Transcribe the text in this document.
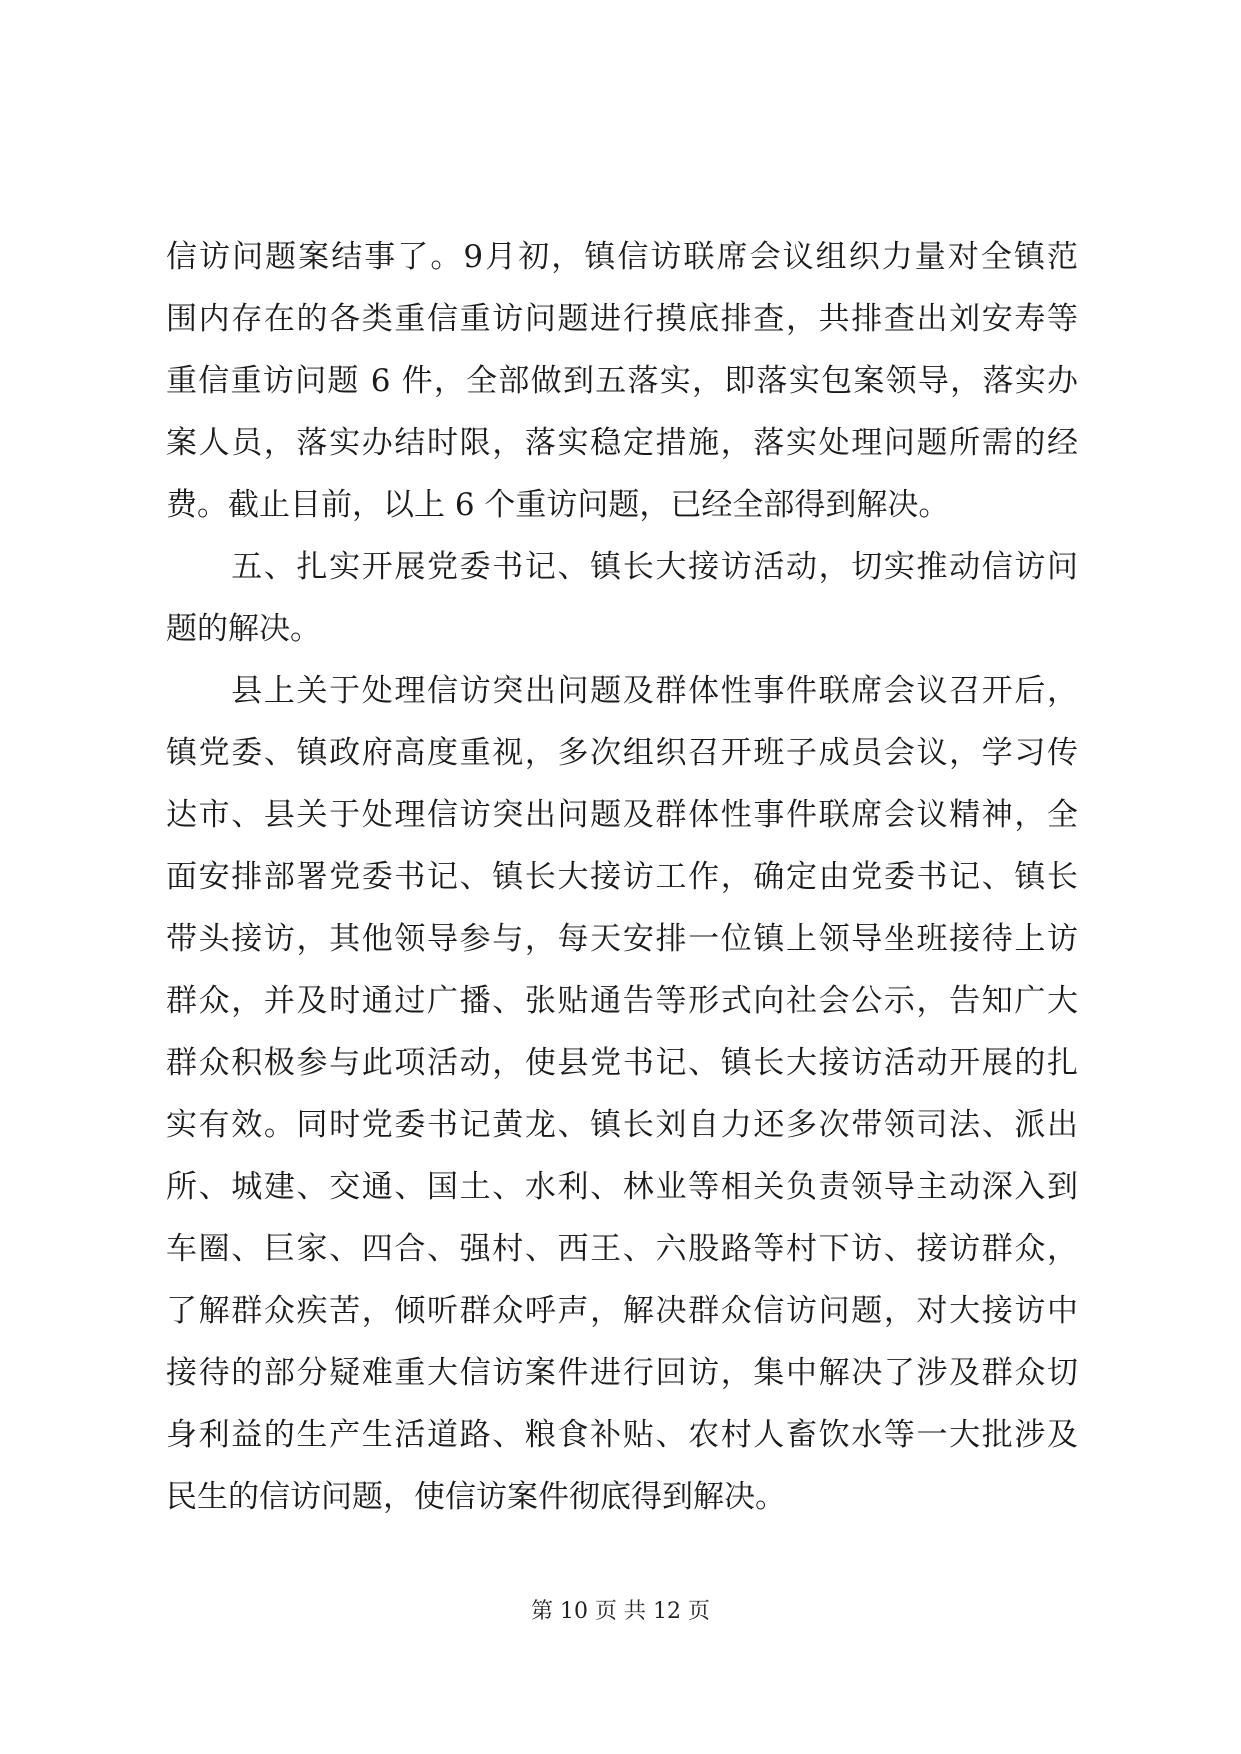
信访问题案结事了。9月初，镇信访联席会议组织力量对全镇范
围内存在的各类重信重访问题进行摸底排查，共排查出刘安寿等
重信重访问题 6 件，全部做到五落实，即落实包案领导，落实办
案人员，落实办结时限，落实稳定措施，落实处理问题所需的经
费。截止目前，以上 6 个重访问题，已经全部得到解决。
　　五、扎实开展党委书记、镇长大接访活动，切实推动信访问
题的解决。
　　县上关于处理信访突出问题及群体性事件联席会议召开后，
镇党委、镇政府高度重视，多次组织召开班子成员会议，学习传
达市、县关于处理信访突出问题及群体性事件联席会议精神，全
面安排部署党委书记、镇长大接访工作，确定由党委书记、镇长
带头接访，其他领导参与，每天安排一位镇上领导坐班接待上访
群众，并及时通过广播、张贴通告等形式向社会公示，告知广大
群众积极参与此项活动，使县党书记、镇长大接访活动开展的扎
实有效。同时党委书记黄龙、镇长刘自力还多次带领司法、派出
所、城建、交通、国土、水利、林业等相关负责领导主动深入到
车圈、巨家、四合、强村、西王、六股路等村下访、接访群众，
了解群众疾苦，倾听群众呼声，解决群众信访问题，对大接访中
接待的部分疑难重大信访案件进行回访，集中解决了涉及群众切
身利益的生产生活道路、粮食补贴、农村人畜饮水等一大批涉及
民生的信访问题，使信访案件彻底得到解决。
第 10 页 共 12 页
